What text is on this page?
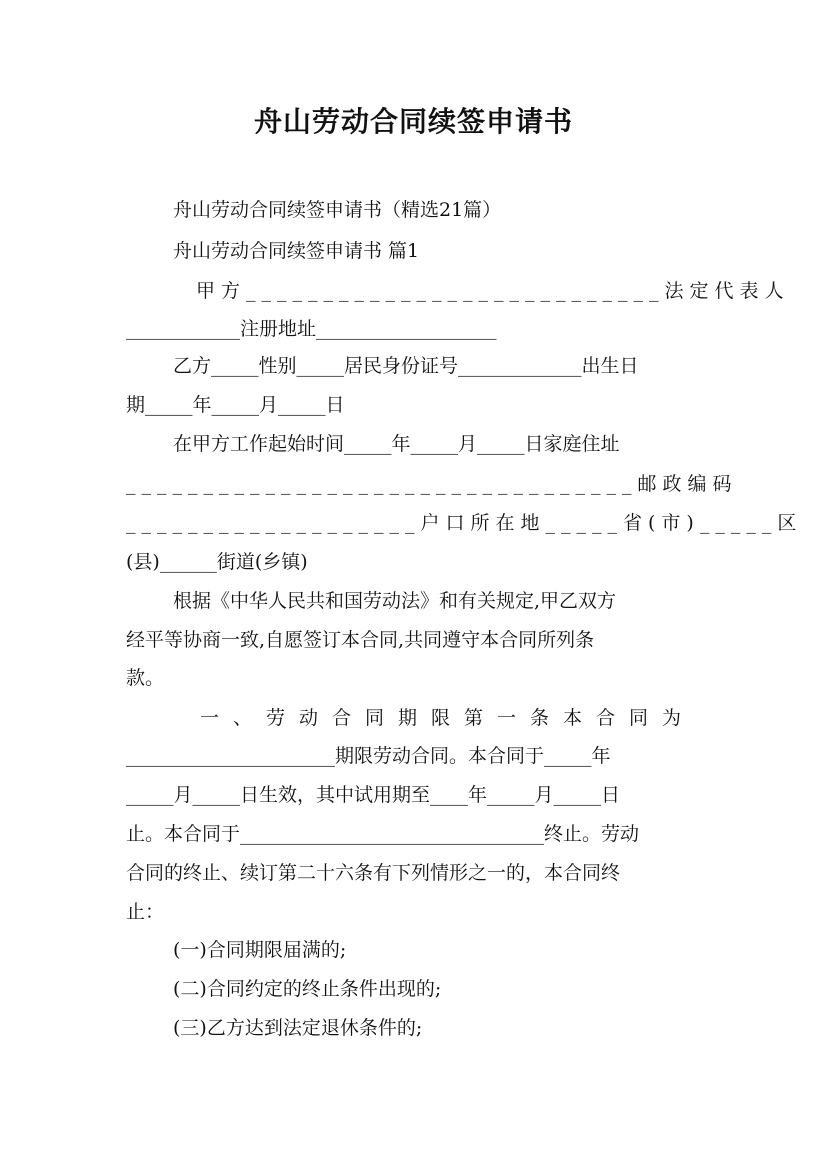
舟山劳动合同续签申请书
舟山劳动合同续签申请书（精选21篇）
舟山劳动合同续签申请书 篇1
甲方___________________________法定代表人
____________注册地址___________________
乙方_____性别_____居民身份证号_____________出生日
期_____年_____月_____日
在甲方工作起始时间_____年_____月_____日家庭住址
_________________________________邮政编码
___________________户口所在地_____省(市)_____区
(县)______街道(乡镇)
根据《中华人民共和国劳动法》和有关规定,甲乙双方
经平等协商一致,自愿签订本合同,共同遵守本合同所列条
款。
一、劳动合同期限第一条本合同为
______________________期限劳动合同。本合同于_____年
_____月_____日生效，其中试用期至____年_____月_____日
止。本合同于________________________________终止。劳动
合同的终止、续订第二十六条有下列情形之一的，本合同终
止：
(一)合同期限届满的;
(二)合同约定的终止条件出现的;
(三)乙方达到法定退休条件的;
